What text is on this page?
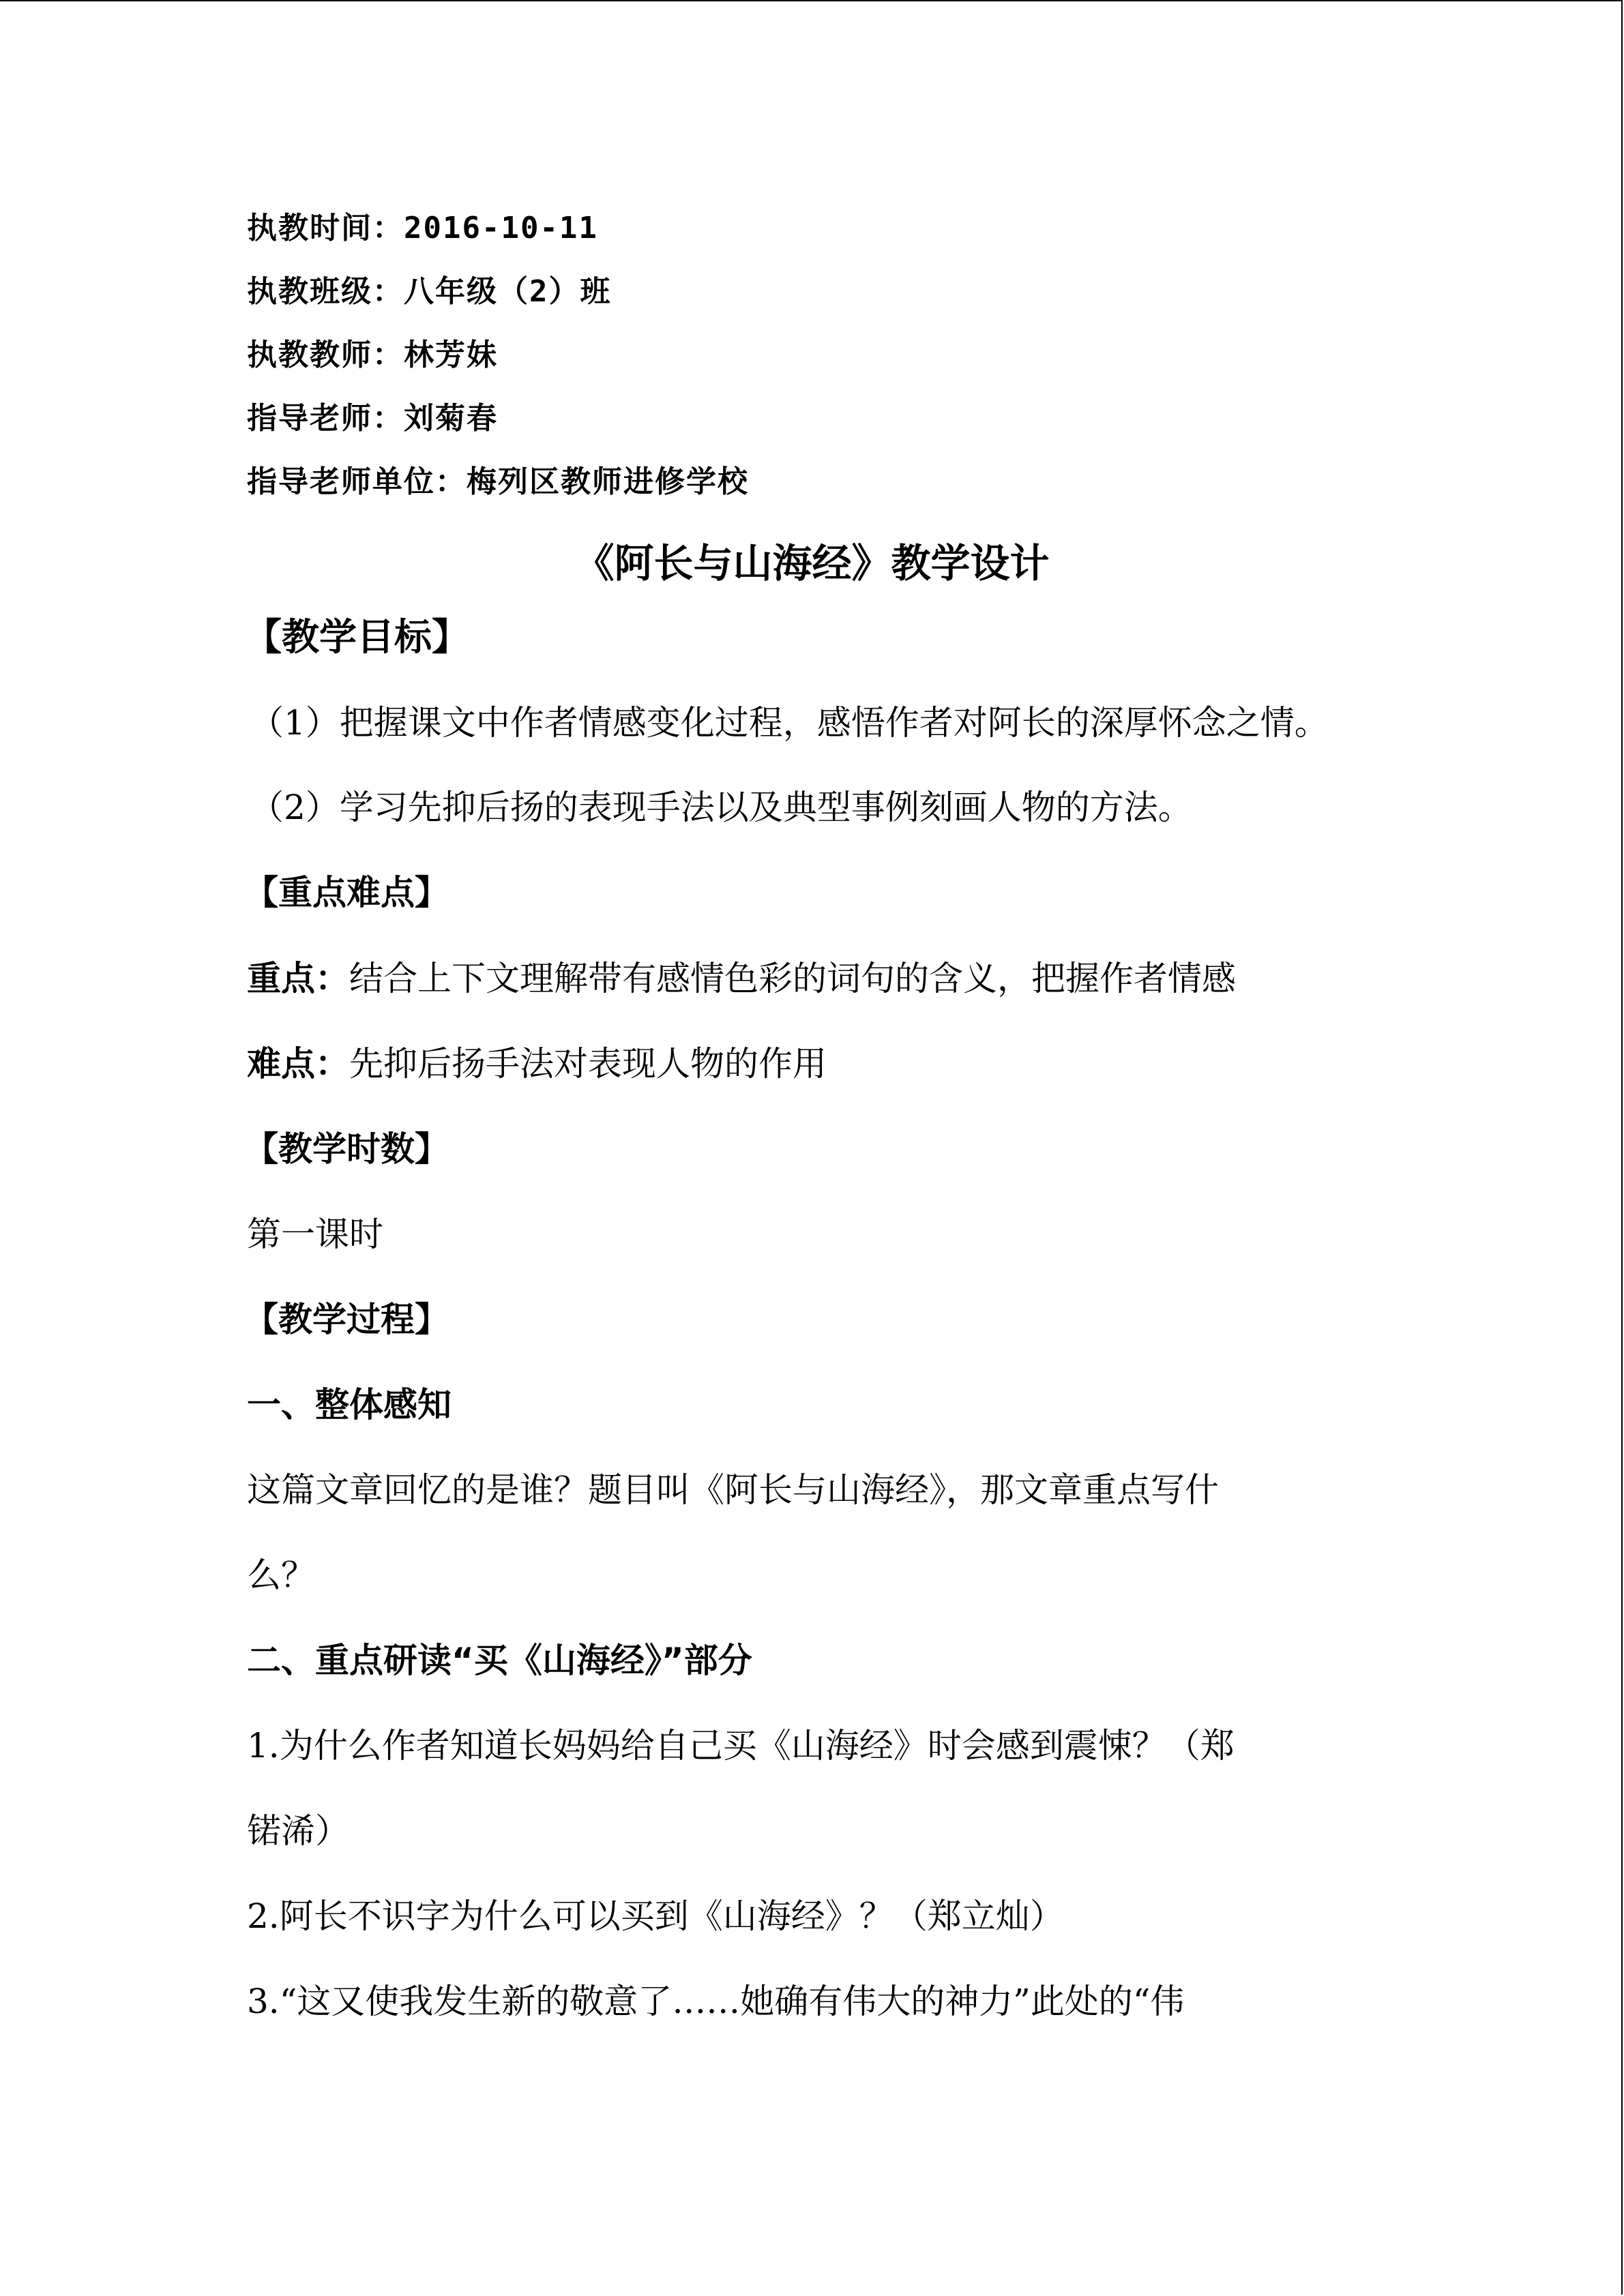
执教时间：2016-10-11
执教班级：八年级（2）班
执教教师：林芳妹
指导老师：刘菊春
指导老师单位：梅列区教师进修学校
《阿长与山海经》教学设计
【教学目标】
（1）把握课文中作者情感变化过程，感悟作者对阿长的深厚怀念之情。
（2）学习先抑后扬的表现手法以及典型事例刻画人物的方法。
【重点难点】
重点：结合上下文理解带有感情色彩的词句的含义，把握作者情感
难点：先抑后扬手法对表现人物的作用
【教学时数】
第一课时
【教学过程】
一、整体感知
这篇文章回忆的是谁？题目叫《阿长与山海经》，那文章重点写什
么？
二、重点研读“买《山海经》”部分
1.为什么作者知道长妈妈给自己买《山海经》时会感到震悚？（郑
锘浠）
2.阿长不识字为什么可以买到《山海经》？（郑立灿）
3.“这又使我发生新的敬意了……她确有伟大的神力”此处的“伟
